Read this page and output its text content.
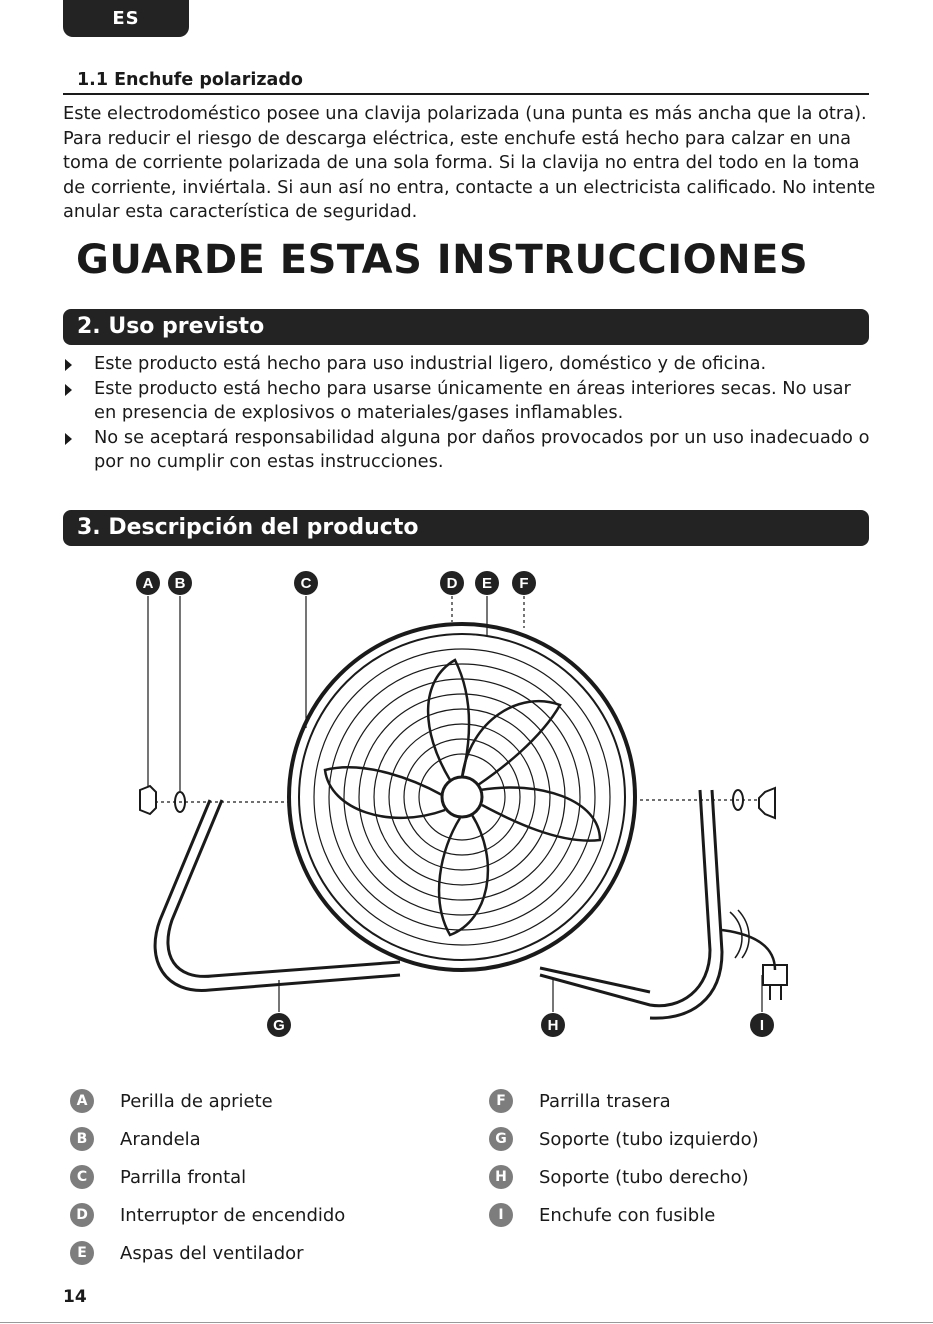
ES
1.1 Enchufe polarizado

Este electrodoméstico posee una clavija polarizada (una punta es más ancha que la otra). Para reducir el riesgo de descarga eléctrica, este enchufe está hecho para calzar en una toma de corriente polarizada de una sola forma. Si la clavija no entra del todo en la toma de corriente, inviértala. Si aun así no entra, contacte a un electricista calificado. No intente anular esta característica de seguridad.

GUARDE ESTAS INSTRUCCIONES
2. Uso previsto
Este producto está hecho para uso industrial ligero, doméstico y de oficina.
Este producto está hecho para usarse únicamente en áreas interiores secas. No usar en presencia de explosivos o materiales/gases inflamables.
No se aceptará responsabilidad alguna por daños provocados por un uso inadecuado o por no cumplir con estas instrucciones.
3. Descripción del producto
A B	C	D E F
G	H	I
A	Perilla de apriete
B	Arandela
C	Parrilla frontal
D	Interruptor de encendido
E	Aspas del ventilador
F	Parrilla trasera
G	Soporte (tubo izquierdo)
H	Soporte (tubo derecho)
I	Enchufe con fusible
14
